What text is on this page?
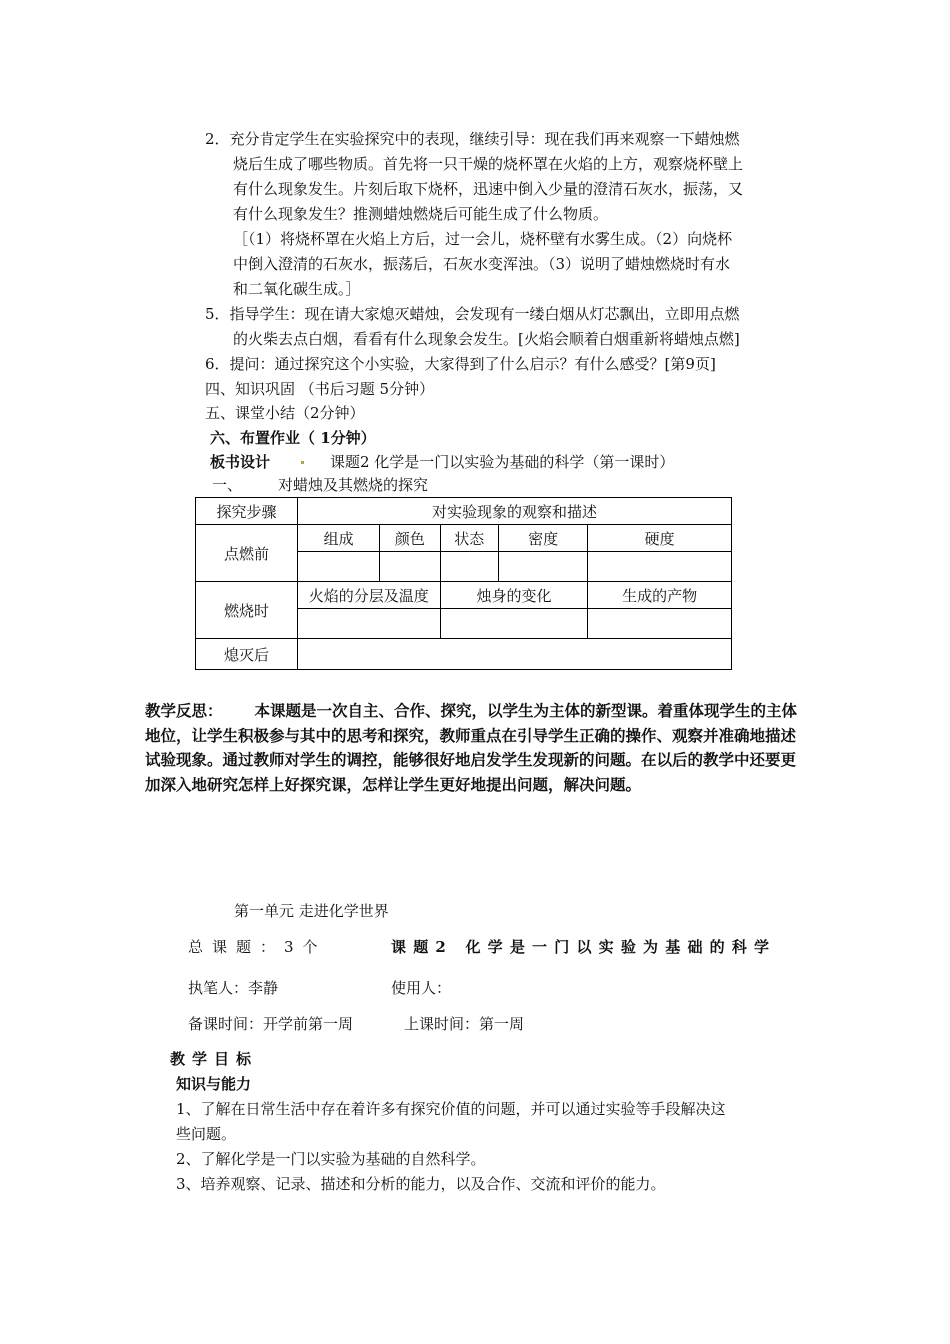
2．充分肯定学生在实验探究中的表现，继续引导：现在我们再来观察一下蜡烛燃
烧后生成了哪些物质。首先将一只干燥的烧杯罩在火焰的上方，观察烧杯壁上
有什么现象发生。片刻后取下烧杯，迅速中倒入少量的澄清石灰水，振荡，又
有什么现象发生？推测蜡烛燃烧后可能生成了什么物质。
［（1）将烧杯罩在火焰上方后，过一会儿，烧杯壁有水雾生成。（2）向烧杯
中倒入澄清的石灰水，振荡后，石灰水变浑浊。（3）说明了蜡烛燃烧时有水
和二氧化碳生成。］
5．指导学生：现在请大家熄灭蜡烛，会发现有一缕白烟从灯芯飘出，立即用点燃
的火柴去点白烟，看看有什么现象会发生。[火焰会顺着白烟重新将蜡烛点燃]
6．提问：通过探究这个小实验，大家得到了什么启示？有什么感受？[第9页]
四、知识巩固 （书后习题 5分钟）
五、课堂小结（2分钟）
六、布置作业（ 1分钟）
板书设计	课题2 化学是一门以实验为基础的科学（第一课时）
一、 对蜡烛及其燃烧的探究
探究步骤	对实验现象的观察和描述				
点燃前	组成	颜色	状态	密度	硬度

燃烧时	火焰的分层及温度		烛身的变化		生成的产物

熄灭后					
教学反思： 本课题是一次自主、合作、探究，以学生为主体的新型课。着重体现学生的主体地位，让学生积极参与其中的思考和探究，教师重点在引导学生正确的操作、观察并准确地描述试验现象。通过教师对学生的调控，能够很好地启发学生发现新的问题。在以后的教学中还要更加深入地研究怎样上好探究课，怎样让学生更好地提出问题，解决问题。
第一单元 走进化学世界
总课题：3个	课题2 化学是一门以实验为基础的科学
执笔人：李静	使用人：
备课时间：开学前第一周	上课时间：第一周
教学目标
知识与能力
1、了解在日常生活中存在着许多有探究价值的问题，并可以通过实验等手段解决这
些问题。
2、了解化学是一门以实验为基础的自然科学。
3、培养观察、记录、描述和分析的能力，以及合作、交流和评价的能力。
